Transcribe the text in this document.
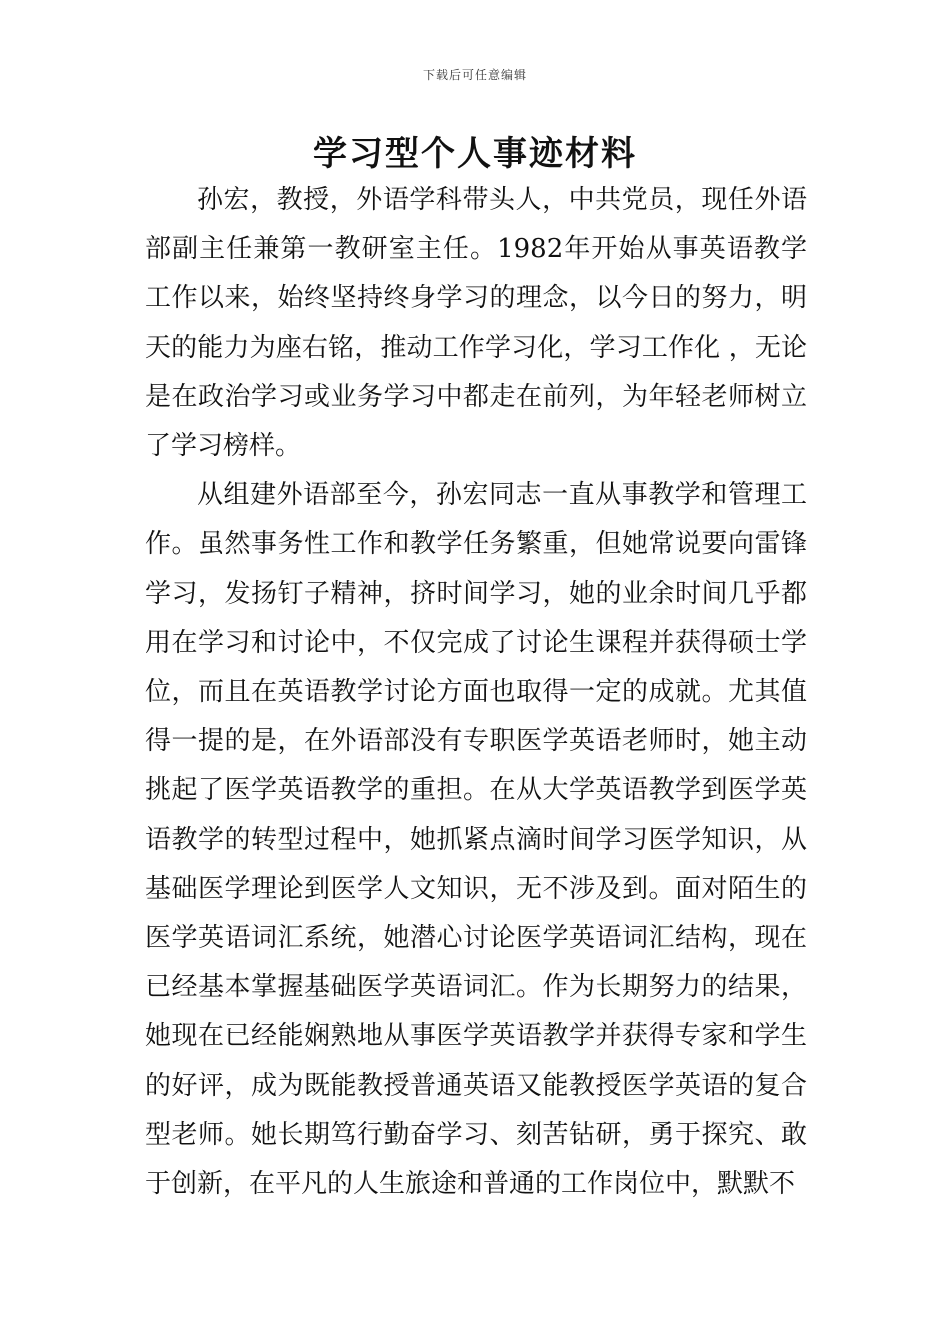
下载后可任意编辑
学习型个人事迹材料

孙宏，教授，外语学科带头人，中共党员，现任外语部副主任兼第一教研室主任。1982年开始从事英语教学工作以来，始终坚持终身学习的理念，以今日的努力，明天的能力为座右铭，推动工作学习化，学习工作化 ，无论是在政治学习或业务学习中都走在前列，为年轻老师树立了学习榜样。

从组建外语部至今，孙宏同志一直从事教学和管理工作。虽然事务性工作和教学任务繁重，但她常说要向雷锋学习，发扬钉子精神，挤时间学习，她的业余时间几乎都用在学习和讨论中，不仅完成了讨论生课程并获得硕士学位，而且在英语教学讨论方面也取得一定的成就。尤其值得一提的是，在外语部没有专职医学英语老师时，她主动挑起了医学英语教学的重担。在从大学英语教学到医学英语教学的转型过程中，她抓紧点滴时间学习医学知识，从基础医学理论到医学人文知识，无不涉及到。面对陌生的医学英语词汇系统，她潜心讨论医学英语词汇结构，现在已经基本掌握基础医学英语词汇。作为长期努力的结果，她现在已经能娴熟地从事医学英语教学并获得专家和学生的好评，成为既能教授普通英语又能教授医学英语的复合型老师。她长期笃行勤奋学习、刻苦钻研，勇于探究、敢于创新，在平凡的人生旅途和普通的工作岗位中，默默不
